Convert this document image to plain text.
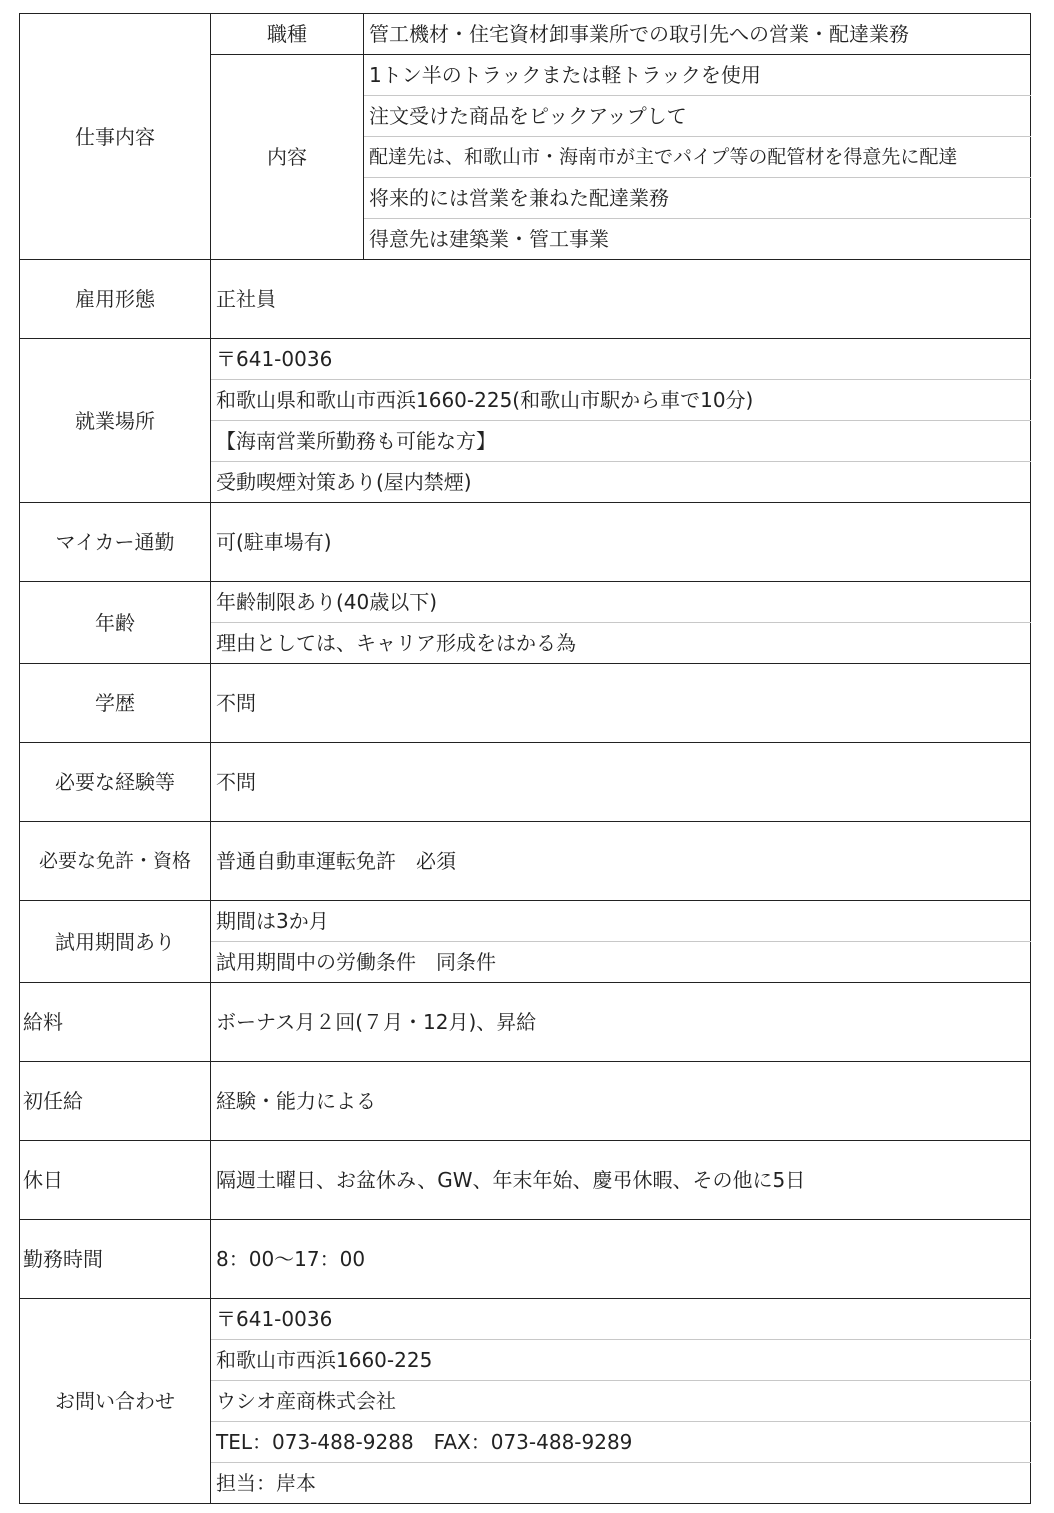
仕事内容	職種	管工機材・住宅資材卸事業所での取引先への営業・配達業務
	内容	1トン半のトラックまたは軽トラックを使用
		注文受けた商品をピックアップして
		配達先は、和歌山市・海南市が主でパイプ等の配管材を得意先に配達
		将来的には営業を兼ねた配達業務
		得意先は建築業・管工事業

雇用形態	正社員	
就業場所	〒641-0036	
	和歌山県和歌山市西浜1660-225(和歌山市駅から車で10分)	
	【海南営業所勤務も可能な方】	
	受動喫煙対策あり(屋内禁煙)	
マイカー通勤	可(駐車場有)	
年齢	年齢制限あり(40歳以下)	
	理由としては、キャリア形成をはかる為	
学歴	不問	
必要な経験等	不問	
必要な免許・資格	普通自動車運転免許　必須	
試用期間あり	期間は3か月	
	試用期間中の労働条件　同条件	
給料	ボーナス月２回(７月・12月)、昇給	
初任給	経験・能力による	
休日	隔週土曜日、お盆休み、GW、年末年始、慶弔休暇、その他に5日	
勤務時間	8：00～17：00	
お問い合わせ	〒641-0036	
	和歌山市西浜1660-225	
	ウシオ産商株式会社	
	TEL：073-488-9288　FAX：073-488-9289	
	担当：岸本	
